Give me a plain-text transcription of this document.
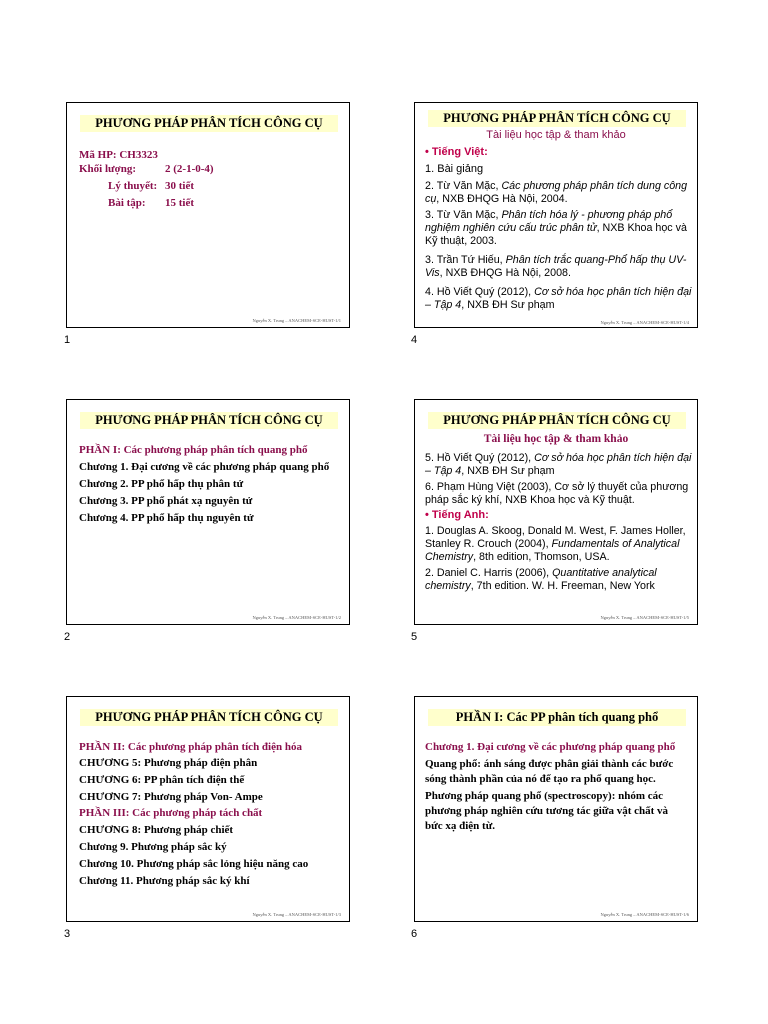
PHƯƠNG PHÁP PHÂN TÍCH CÔNG CỤ
Mã HP: CH3323
Khối lượng:	2 (2-1-0-4)
Lý thuyết: 30 tiết
Bài tập: 15 tiết
Nguyễn X. Trung – ANACHEM-SCE-HUST-1/1
1
PHƯƠNG PHÁP PHÂN TÍCH CÔNG CỤ
Tài liệu học tập & tham khảo
• Tiếng Việt:
1. Bài giảng
2. Từ Văn Mặc, Các phương pháp phân tích dung công cụ, NXB ĐHQG Hà Nội, 2004.
3. Từ Văn Mặc, Phân tích hóa lý - phương pháp phổ nghiệm nghiên cứu cấu trúc phân tử, NXB Khoa học và Kỹ thuật, 2003.
3. Trần Tứ Hiếu, Phân tích trắc quang-Phổ hấp thụ UV-Vis, NXB ĐHQG Hà Nội, 2008.
4. Hồ Viết Quý (2012), Cơ sở hóa học phân tích hiện đại – Tập 4, NXB ĐH Sư phạm
Nguyễn X. Trung – ANACHEM-SCE-HUST-1/4
4
PHƯƠNG PHÁP PHÂN TÍCH CÔNG CỤ
PHẦN I: Các phương pháp phân tích quang phổ
Chương 1. Đại cương về các phương pháp quang phổ
Chương 2. PP phổ hấp thụ phân tử
Chương 3. PP phổ phát xạ nguyên tử
Chương 4. PP phổ hấp thụ nguyên tử
Nguyễn X. Trung – ANACHEM-SCE-HUST-1/2
2
PHƯƠNG PHÁP PHÂN TÍCH CÔNG CỤ
Tài liệu học tập & tham khảo
5. Hồ Viết Quý (2012), Cơ sở hóa học phân tích hiện đại – Tập 4, NXB ĐH Sư phạm
6. Phạm Hùng Việt (2003), Cơ sở lý thuyết của phương pháp sắc ký khí, NXB Khoa học và Kỹ thuật.
• Tiếng Anh:
1. Douglas A. Skoog, Donald M. West, F. James Holler, Stanley R. Crouch (2004), Fundamentals of Analytical Chemistry, 8th edition, Thomson, USA.
2. Daniel C. Harris (2006), Quantitative analytical chemistry, 7th edition. W. H. Freeman, New York
Nguyễn X. Trung – ANACHEM-SCE-HUST-1/5
5
PHƯƠNG PHÁP PHÂN TÍCH CÔNG CỤ
PHẦN II: Các phương pháp phân tích điện hóa
CHƯƠNG 5: Phương pháp điện phân
CHƯƠNG 6: PP phân tích điện thế
CHƯƠNG 7: Phương pháp Von- Ampe
PHẦN III: Các phương pháp tách chất
CHƯƠNG 8: Phương pháp chiết
Chương 9. Phương pháp sắc ký
Chương 10. Phương pháp sắc lỏng hiệu năng cao
Chương 11. Phương pháp sắc ký khí
Nguyễn X. Trung – ANACHEM-SCE-HUST-1/3
3
PHẦN I: Các PP phân tích quang phổ
Chương 1. Đại cương về các phương pháp quang phổ
Quang phổ: ánh sáng được phân giải thành các bước sóng thành phần của nó để tạo ra phổ quang học.
Phương pháp quang phổ (spectroscopy): nhóm các phương pháp nghiên cứu tương tác giữa vật chất và bức xạ điện từ.
Nguyễn X. Trung – ANACHEM-SCE-HUST-1/6
6
